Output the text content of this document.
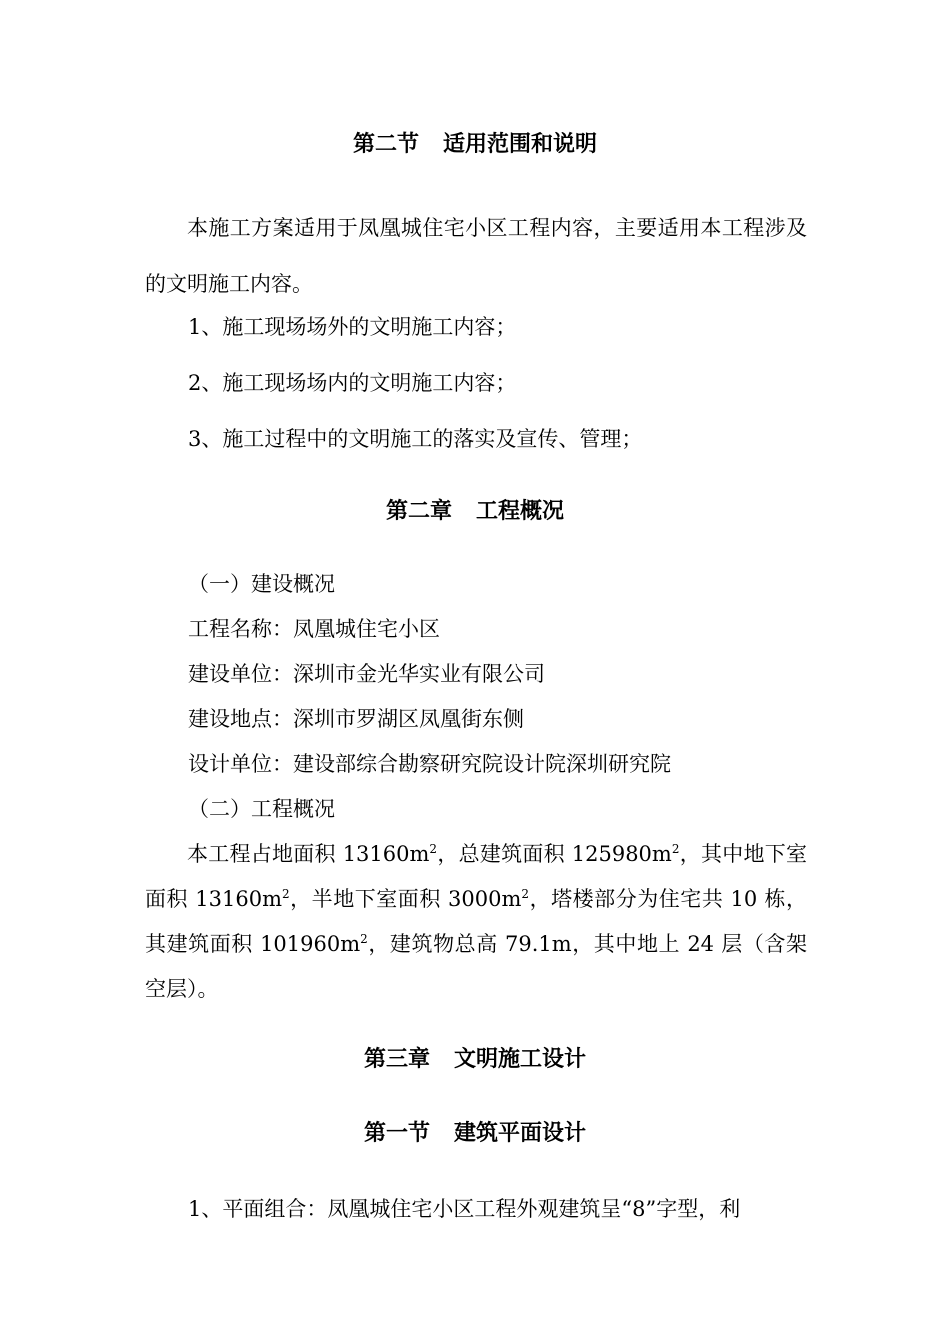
第二节 适用范围和说明

本施工方案适用于凤凰城住宅小区工程内容，主要适用本工程涉及的文明施工内容。

1、施工现场场外的文明施工内容；

2、施工现场场内的文明施工内容；

3、施工过程中的文明施工的落实及宣传、管理；

第二章 工程概况

（一）建设概况

工程名称：凤凰城住宅小区

建设单位：深圳市金光华实业有限公司

建设地点：深圳市罗湖区凤凰街东侧

设计单位：建设部综合勘察研究院设计院深圳研究院

（二）工程概况

本工程占地面积 $13160m^2$，总建筑面积 $125980m^2$，其中地下室面积 $13160m^2$，半地下室面积 $3000m^2$，塔楼部分为住宅共 10 栋，其建筑面积 $101960m^2$，建筑物总高 79.1m，其中地上 24 层（含架空层）。

第三章 文明施工设计
第一节 建筑平面设计

1、平面组合：凤凰城住宅小区工程外观建筑呈“8”字型，利
